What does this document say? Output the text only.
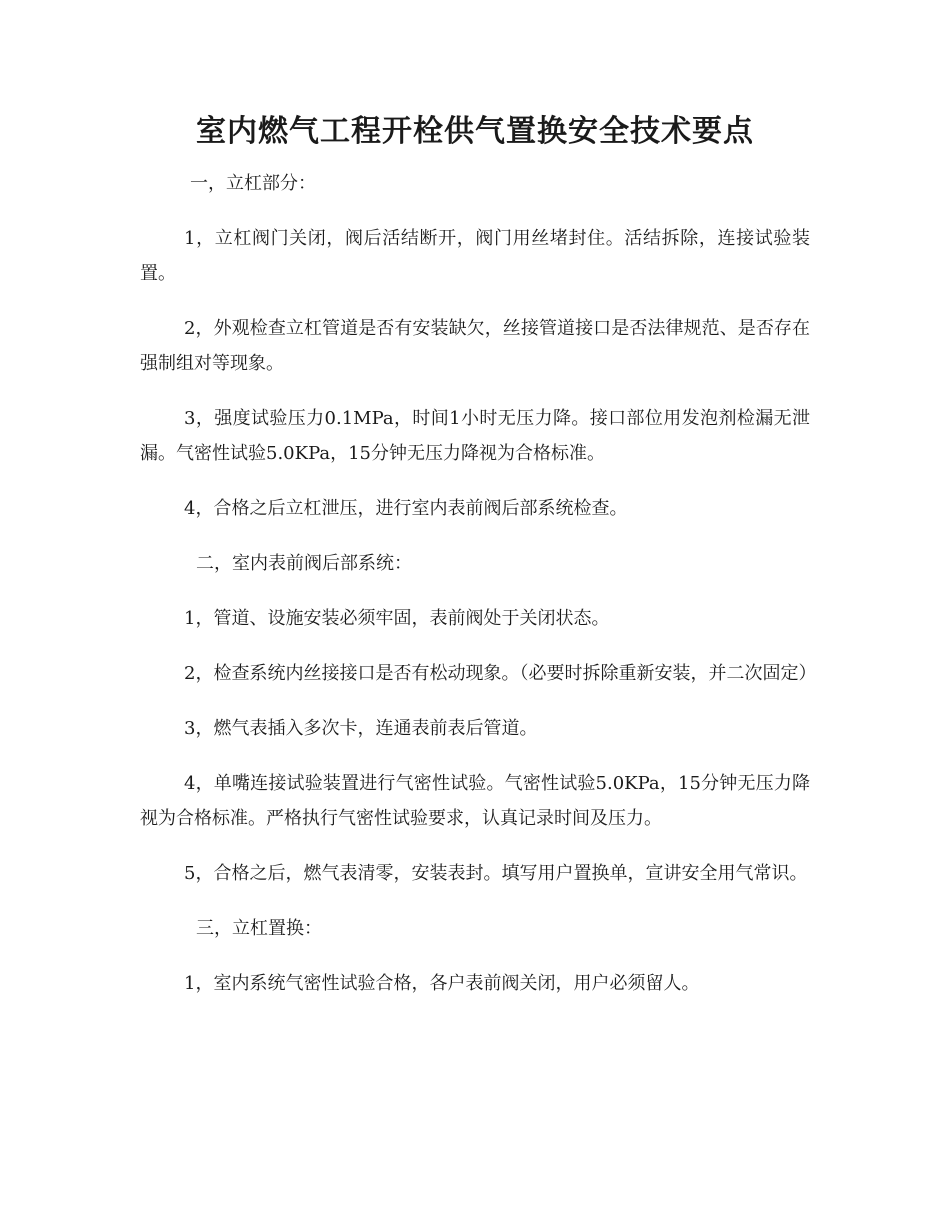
室内燃气工程开栓供气置换安全技术要点
一，立杠部分：
1，立杠阀门关闭，阀后活结断开，阀门用丝堵封住。活结拆除，连接试验装置。
2，外观检查立杠管道是否有安装缺欠，丝接管道接口是否法律规范、是否存在强制组对等现象。
3，强度试验压力0.1MPa，时间1小时无压力降。接口部位用发泡剂检漏无泄漏。气密性试验5.0KPa，15分钟无压力降视为合格标准。
4，合格之后立杠泄压，进行室内表前阀后部系统检查。
二，室内表前阀后部系统：
1，管道、设施安装必须牢固，表前阀处于关闭状态。
2，检查系统内丝接接口是否有松动现象。（必要时拆除重新安装，并二次固定）
3，燃气表插入多次卡，连通表前表后管道。
4，单嘴连接试验装置进行气密性试验。气密性试验5.0KPa，15分钟无压力降视为合格标准。严格执行气密性试验要求，认真记录时间及压力。
5，合格之后，燃气表清零，安装表封。填写用户置换单，宣讲安全用气常识。
三，立杠置换：
1，室内系统气密性试验合格，各户表前阀关闭，用户必须留人。
